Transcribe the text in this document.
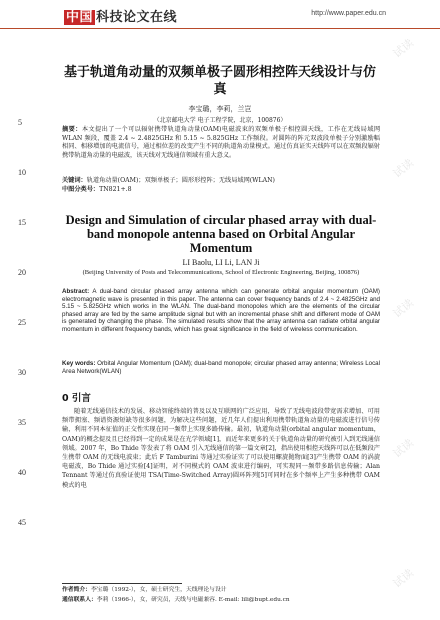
中国 科技论文在线	http://www.paper.edu.cn
试读
试读
试读
试读
试读
5
10
15
20
25
30
35
40
45
基于轨道角动量的双频单极子圆形相控阵天线设计与仿真
李宝璐，李莉，兰岂
（北京邮电大学 电子工程学院，北京，100876）
摘要：本文提出了一个可以辐射携带轨道角动量(OAM)电磁波束的双频单极子相控圆天线，工作在无线局域网 WLAN 频段，覆盖 2.4 ~ 2.4825GHz 和 5.15 ~ 5.825GHz 工作频段。对圆阵的阵元双波段单极子分别激励幅相同、相移增加的电流信号，通过相位差的改变产生不同的轨道角动量模式。通过仿真证实天线阵可以在双频段辐射携带轨道角动量的电磁波，该天线对无线通信领域有重大意义。
关键词：轨道角动量(OAM)；双频单极子；圆形形控阵；无线局域网(WLAN)
中图分类号：TN821+.8
Design and Simulation of circular phased array with dual-band monopole antenna based on Orbital Angular Momentum
LI Baolu, LI Li, LAN Ji
(Beijing University of Posts and Telecommunications, School of Electronic Engineering, Beijing, 100876)
Abstract: A dual-band circular phased array antenna which can generate orbital angular momentum (OAM) electromagnetic wave is presented in this paper. The antenna can cover frequency bands of 2.4 ~ 2.4825GHz and 5.15 ~ 5.825GHz which works in the WLAN. The dual-band monopoles which are the elements of the circular phased array are fed by the same amplitude signal but with an incremental phase shift and different mode of OAM is generated by changing the phase. The simulated results show that the array antenna can radiate orbital angular momentum in different frequency bands, which has great significance in the field of wireless communication.
Key words: Orbital Angular Momentum (OAM); dual-band monopole; circular phased array antenna; Wireless Local Area Network(WLAN)
0 引言
随着无线通信技术的发展、移动智能终端的普及以及互联网的广泛应用，导致了无线电波段带宽需求增加、可用频带拥塞、频谱资源短缺等很多问题，为解决这些问题，近几年人们提出利用携带轨道角动量的电磁波进行信号传输，利用不同本征值的正交性实现在同一频带上实现多路传输。最初，轨道角动量(orbital angular momentum，OAM)的概念提及且已经得到一定的成果是在光学领域[1]，而近年来更多的关于轨道角动量的研究被引入到无线通信领域。2007 年，Bo Thide 等发表了将 OAM 引入无线通信的第一篇文章[2]，指出使用相控天线阵可以在低频段产生携带 OAM 的无线电波束；此后 F Tamburini 等通过实验证实了可以使用螺旋抛物面[3]产生携带 OAM 的涡旋电磁波，Bo Thide 通过实验[4]证明，对不同模式的 OAM 波束进行编码，可实现同一频带多路信息传输；Alan Tennant 等通过仿真验证使用 TSA(Time-Switched Array)圆环阵列[5]可同时在多个频率上产生多种携带 OAM 模式的电
作者简介：李宝璐（1992-），女，硕士研究生，天线理论与设计
通信联系人：李莉（1966-），女，研究员，天线与电磁兼容. E-mail: lili@bupt.edu.cn
